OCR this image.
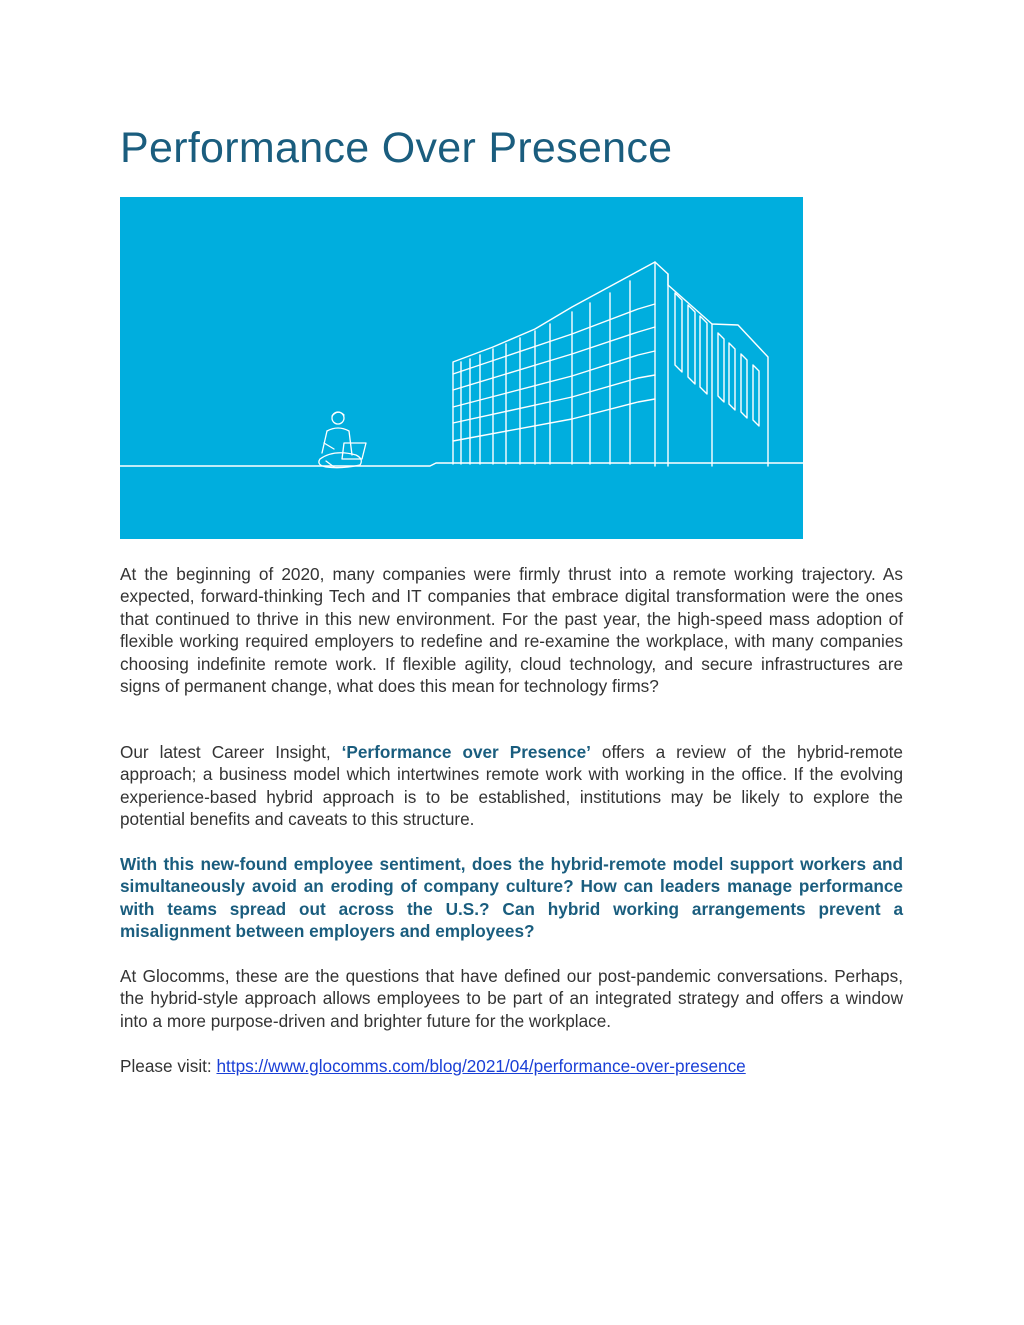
Performance Over Presence

At the beginning of 2020, many companies were firmly thrust into a remote working trajectory. As expected, forward-thinking Tech and IT companies that embrace digital transformation were the ones that continued to thrive in this new environment. For the past year, the high-speed mass adoption of flexible working required employers to redefine and re-examine the workplace, with many companies choosing indefinite remote work. If flexible agility, cloud technology, and secure infrastructures are signs of permanent change, what does this mean for technology firms?

Our latest Career Insight, ‘Performance over Presence’ offers a review of the hybrid-remote approach; a business model which intertwines remote work with working in the office. If the evolving experience-based hybrid approach is to be established, institutions may be likely to explore the potential benefits and caveats to this structure.

With this new-found employee sentiment, does the hybrid-remote model support workers and simultaneously avoid an eroding of company culture? How can leaders manage performance with teams spread out across the U.S.? Can hybrid working arrangements prevent a misalignment between employers and employees?

At Glocomms, these are the questions that have defined our post-pandemic conversations. Perhaps, the hybrid-style approach allows employees to be part of an integrated strategy and offers a window into a more purpose-driven and brighter future for the workplace.

Please visit: https://www.glocomms.com/blog/2021/04/performance-over-presence
